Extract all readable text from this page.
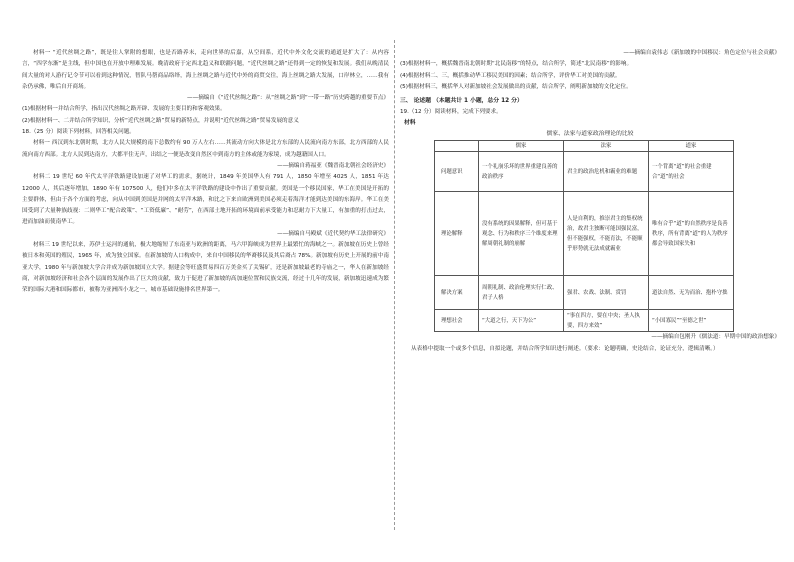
材料一 “近代丝绸之路”，既是往人掌附的想眼，也是否路养末，走向世界的后嘉，从空间系，近代中外文化交流的通道是扩大了：从内容言，“四学东渐”是主线，但中国也在开放中理难发展。晚清政府于定西北趋义和联疆问题，“近代丝绸之路”还得到一定的恢复和发展。我们从晚清民间大量的对人游行记令节可以看到这种情况，智队马帮商品络绎，海上丝绸之路与近代中外的商贸交往，海上丝绸之路大发展，口岸林立，……我有杂仍承佛，唯后自开商场。

——摘编自《“近代丝绸之路”：从“丝绸之路”到“一带一路”历史跨越的重要节点》

(1)根据材料一并结合所学，指出汉代丝绸之路开辟、发展的主要目的和客观效果。

(2)根据材料一、二并结合所学知识，分析“近代丝绸之路”贸易的新特点，并说明“近代丝绸之路”贸易发展的意义

18.（25 分）阅读下列材料，回答相关问题。

材料一 西汉到东北朝时期，北方人民大规模的南下总数约有 90 万人左右……其流动方向大体是北方东部的人民流向南方东部，北方西部的人民流向南方西部。北方人民到达南方，大都平住无声，出结之一便是改变自然区中到南方的主体或能为家境，成为越籍国人口。

——摘编自蒋福亚《魏晋南北朝社会经济史》

材料二 19 世纪 60 年代太平洋铁路建设加速了对华工的需求，据统计，1849 年美国华人有 791 人，1850 年增至 4025 人，1851 年达 12000 人，其后逐年增加，1890 年有 107500 人，他们中多在太平洋铁路的建设中作出了重要贡献。美国是一个移民国家，华工在美国是开拓的主要群体，但由于各个方面的考虑，向从中国到美国是并网的太平洋木路，和比之下来自欧洲到美国必须走着海洋才能到达美国的东海岸。华工在美国受到了大量种族歧视：二则华工“配合政策”、“工资低廉”、“耐劳”，在西部土地开拓的环境面前承受能力和忍耐力下大量工，有加重的打击过去，进而加油而使南华工。

——摘编自马殿斌《近代契约华工法律研究》

材料三 19 世纪以来，苏伊士运河的通航，极大地缩短了东南亚与欧洲的距离，马六甲海峡成为世界上最繁忙的海峡之一。新加坡在历史上曾经被日本和英国的殖民，1965 年，成为独立国家。在新加坡的人口构成中，来自中国移民的华裔移民及其后裔占 78%。新加坡有历史上开展的前中南亚大学，1980 年与新加坡大学合并成为新加坡国立大学。据建会等旺盛贸易四百万美金买了关锡矿，还是新加坡最老的寺庙之一，华人在新加坡经商，对新加坡经济和社会各个层面的发展作出了巨大的贡献，致力于促进了新加坡的高加速位置和民族交流，经过十几年的发展，新加坡迅速成为繁荣的国际大港和国际都市，被称为亚洲四小龙之一，城市基础设施排名世界第一。

——摘编自袁伟志《新加坡的中国移民：角色定位与社会贡献》

(3)根据材料一，概括魏晋南北朝时期“北民南移”的特点，结合所学，简述“北民南移”的影响。

(4)根据材料二、三，概括推动华工移民美国的因素；结合所学，评价华工对美国的贡献。

(5)根据材料三，概括华人对新加坡社会发展做出的贡献，结合所学，阐明新加坡的文化定位。

三、 论述题 （本题共计 1 小题，总分 12 分）

19.（12 分）阅读材料，完成下列要求。

材料
儒家、法家与道家政治理论的比较
	儒家	法家	道家
问题意识	一个礼崩乐坏的世界重建良善的政治秩序	君主的政治危机和霸业的难题	一个背离“道”的社会重建合“道”的社会
理论解释	没有系统的因果解释，但可基于观念、行为和秩序三个维度来理解周朝礼制的崩解	人是自利的，推崇君主的集权统治，故君主独断可能国强民富，但不能强权，不能育法，不能顺乎形势就无法成就霸业	唯有合乎“道”的自然秩序是良善秩序，所有背离“道”的人为秩序都会导致国家失和
解决方案	周朝礼制、政治伦理实行仁政、君子人格	强君、农战、法制、赏罚	道法自然、无为而治、抱朴守拙
理想社会	“大道之行，天下为公”	“事在四方，要在中央；圣人执要，四方来效”	“小国寡民”“至德之世”
——摘编自包刚升《儒法道：早期中国的政治想象》

从表格中提取一个或多个信息，自拟论题，并结合所学知识进行阐述。（要求：论题明确，史论结合，论证充分，逻辑清晰。）
